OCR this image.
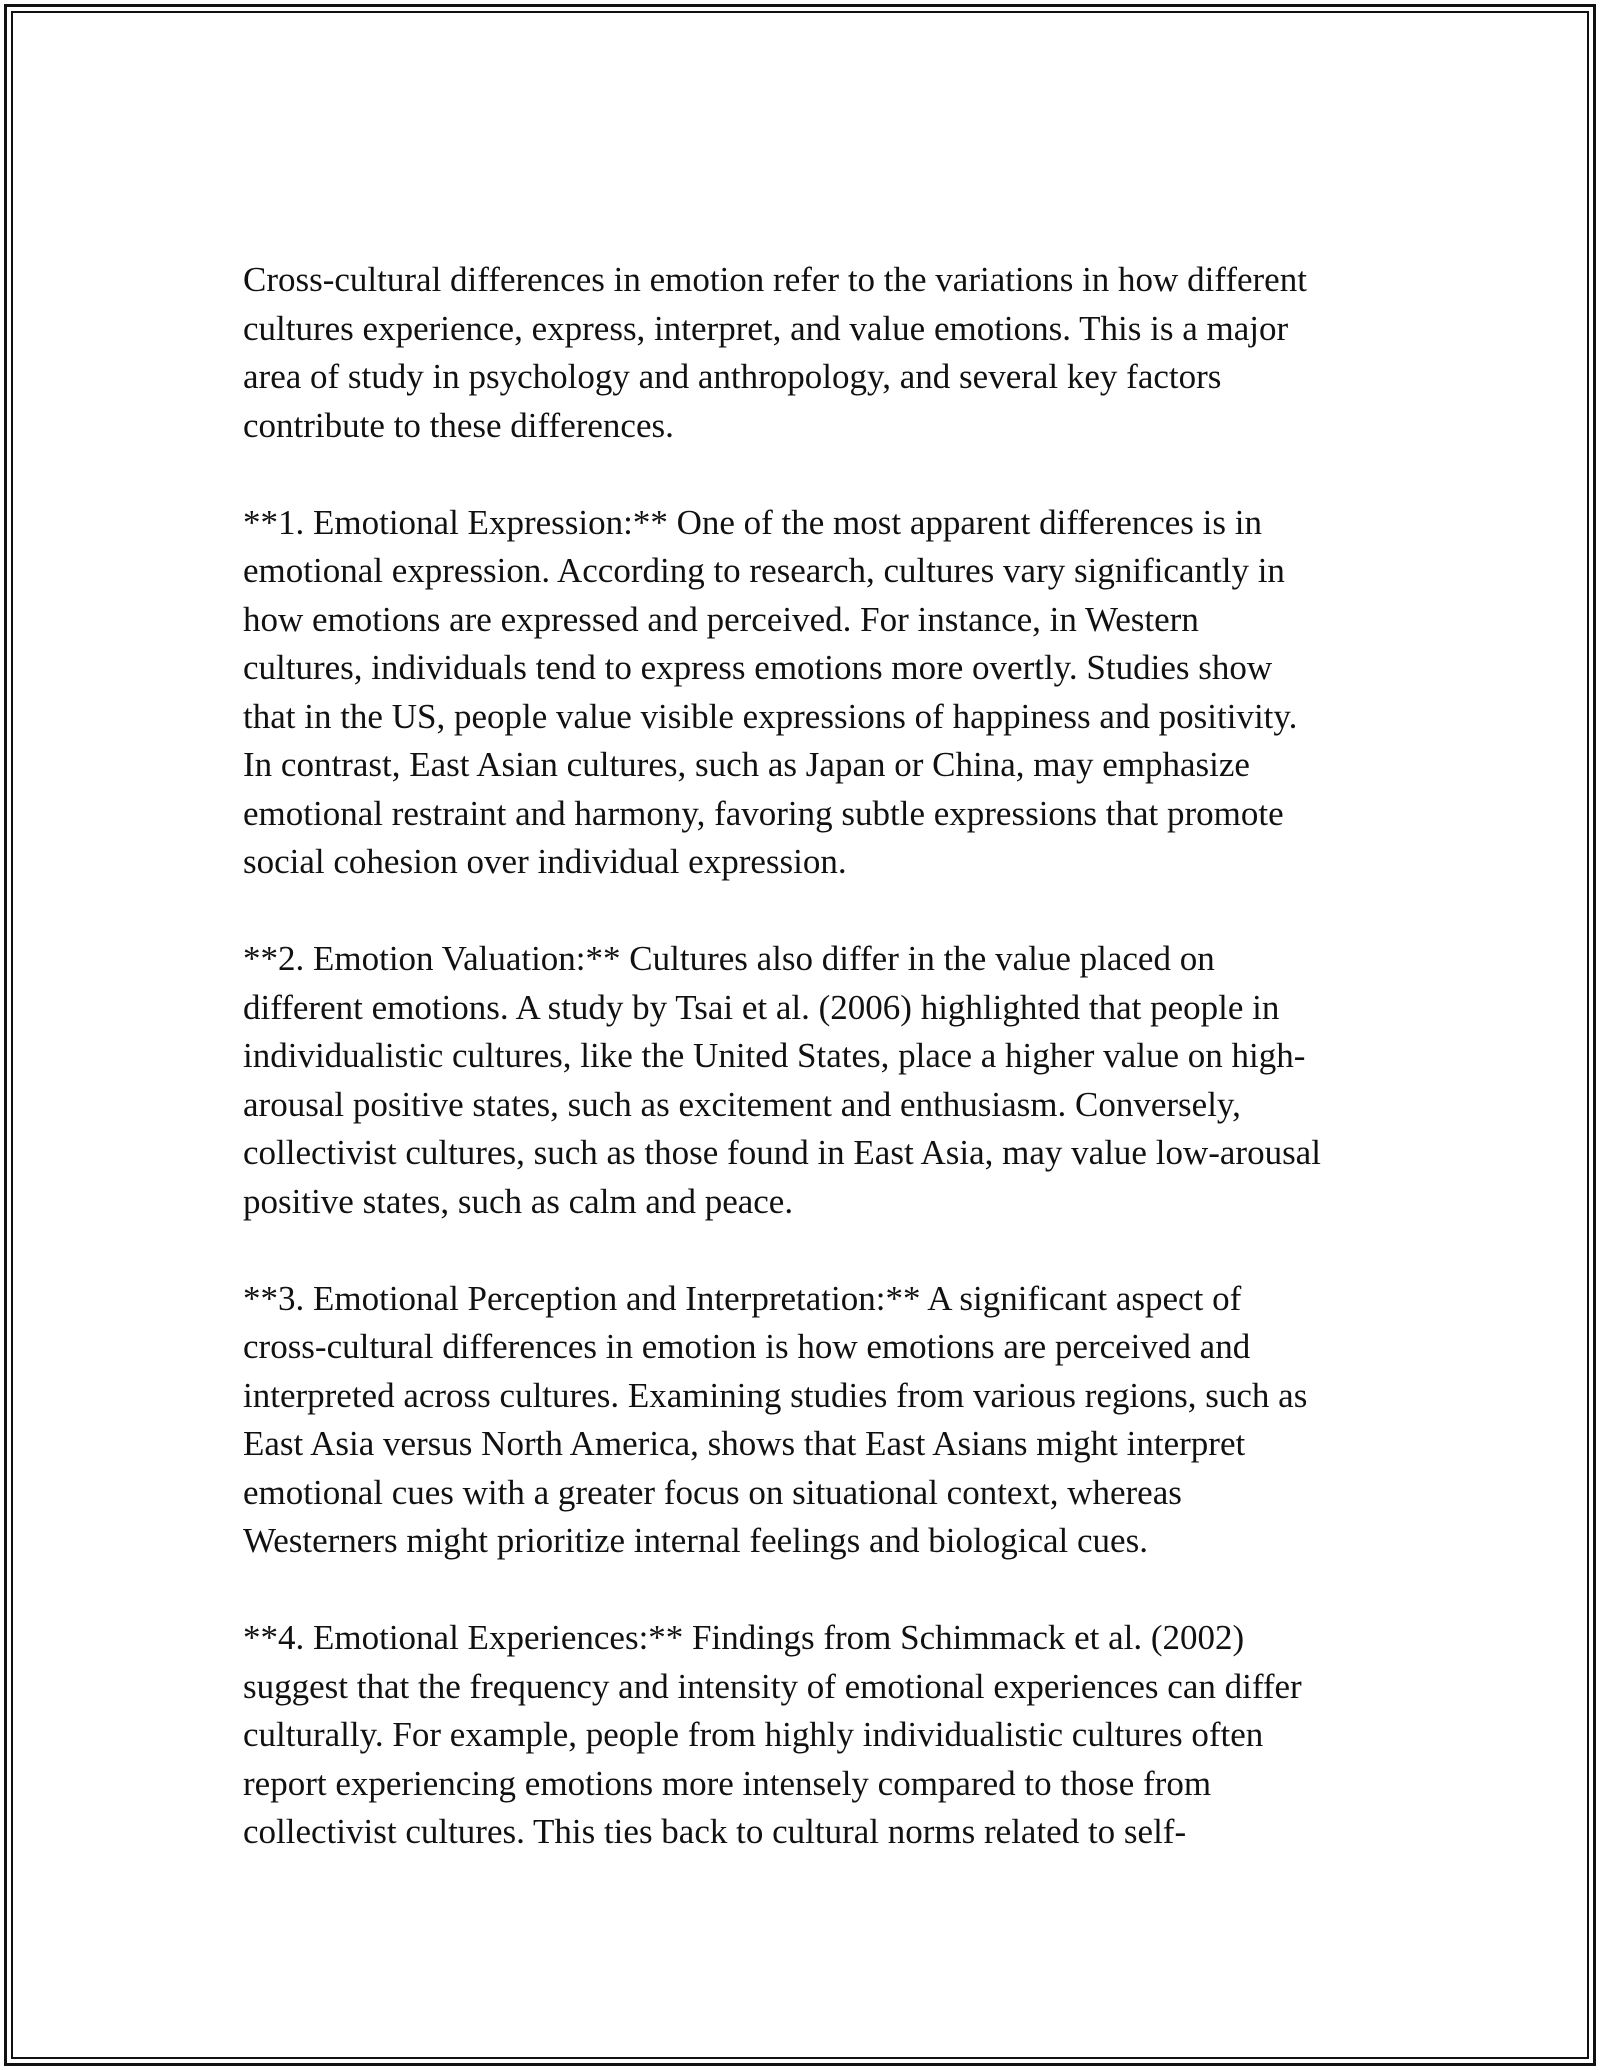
Cross-cultural differences in emotion refer to the variations in how different
cultures experience, express, interpret, and value emotions. This is a major
area of study in psychology and anthropology, and several key factors
contribute to these differences.

**1. Emotional Expression:** One of the most apparent differences is in
emotional expression. According to research, cultures vary significantly in
how emotions are expressed and perceived. For instance, in Western
cultures, individuals tend to express emotions more overtly. Studies show
that in the US, people value visible expressions of happiness and positivity.
In contrast, East Asian cultures, such as Japan or China, may emphasize
emotional restraint and harmony, favoring subtle expressions that promote
social cohesion over individual expression.

**2. Emotion Valuation:** Cultures also differ in the value placed on
different emotions. A study by Tsai et al. (2006) highlighted that people in
individualistic cultures, like the United States, place a higher value on high-
arousal positive states, such as excitement and enthusiasm. Conversely,
collectivist cultures, such as those found in East Asia, may value low-arousal
positive states, such as calm and peace.

**3. Emotional Perception and Interpretation:** A significant aspect of
cross-cultural differences in emotion is how emotions are perceived and
interpreted across cultures. Examining studies from various regions, such as
East Asia versus North America, shows that East Asians might interpret
emotional cues with a greater focus on situational context, whereas
Westerners might prioritize internal feelings and biological cues.

**4. Emotional Experiences:** Findings from Schimmack et al. (2002)
suggest that the frequency and intensity of emotional experiences can differ
culturally. For example, people from highly individualistic cultures often
report experiencing emotions more intensely compared to those from
collectivist cultures. This ties back to cultural norms related to self-
